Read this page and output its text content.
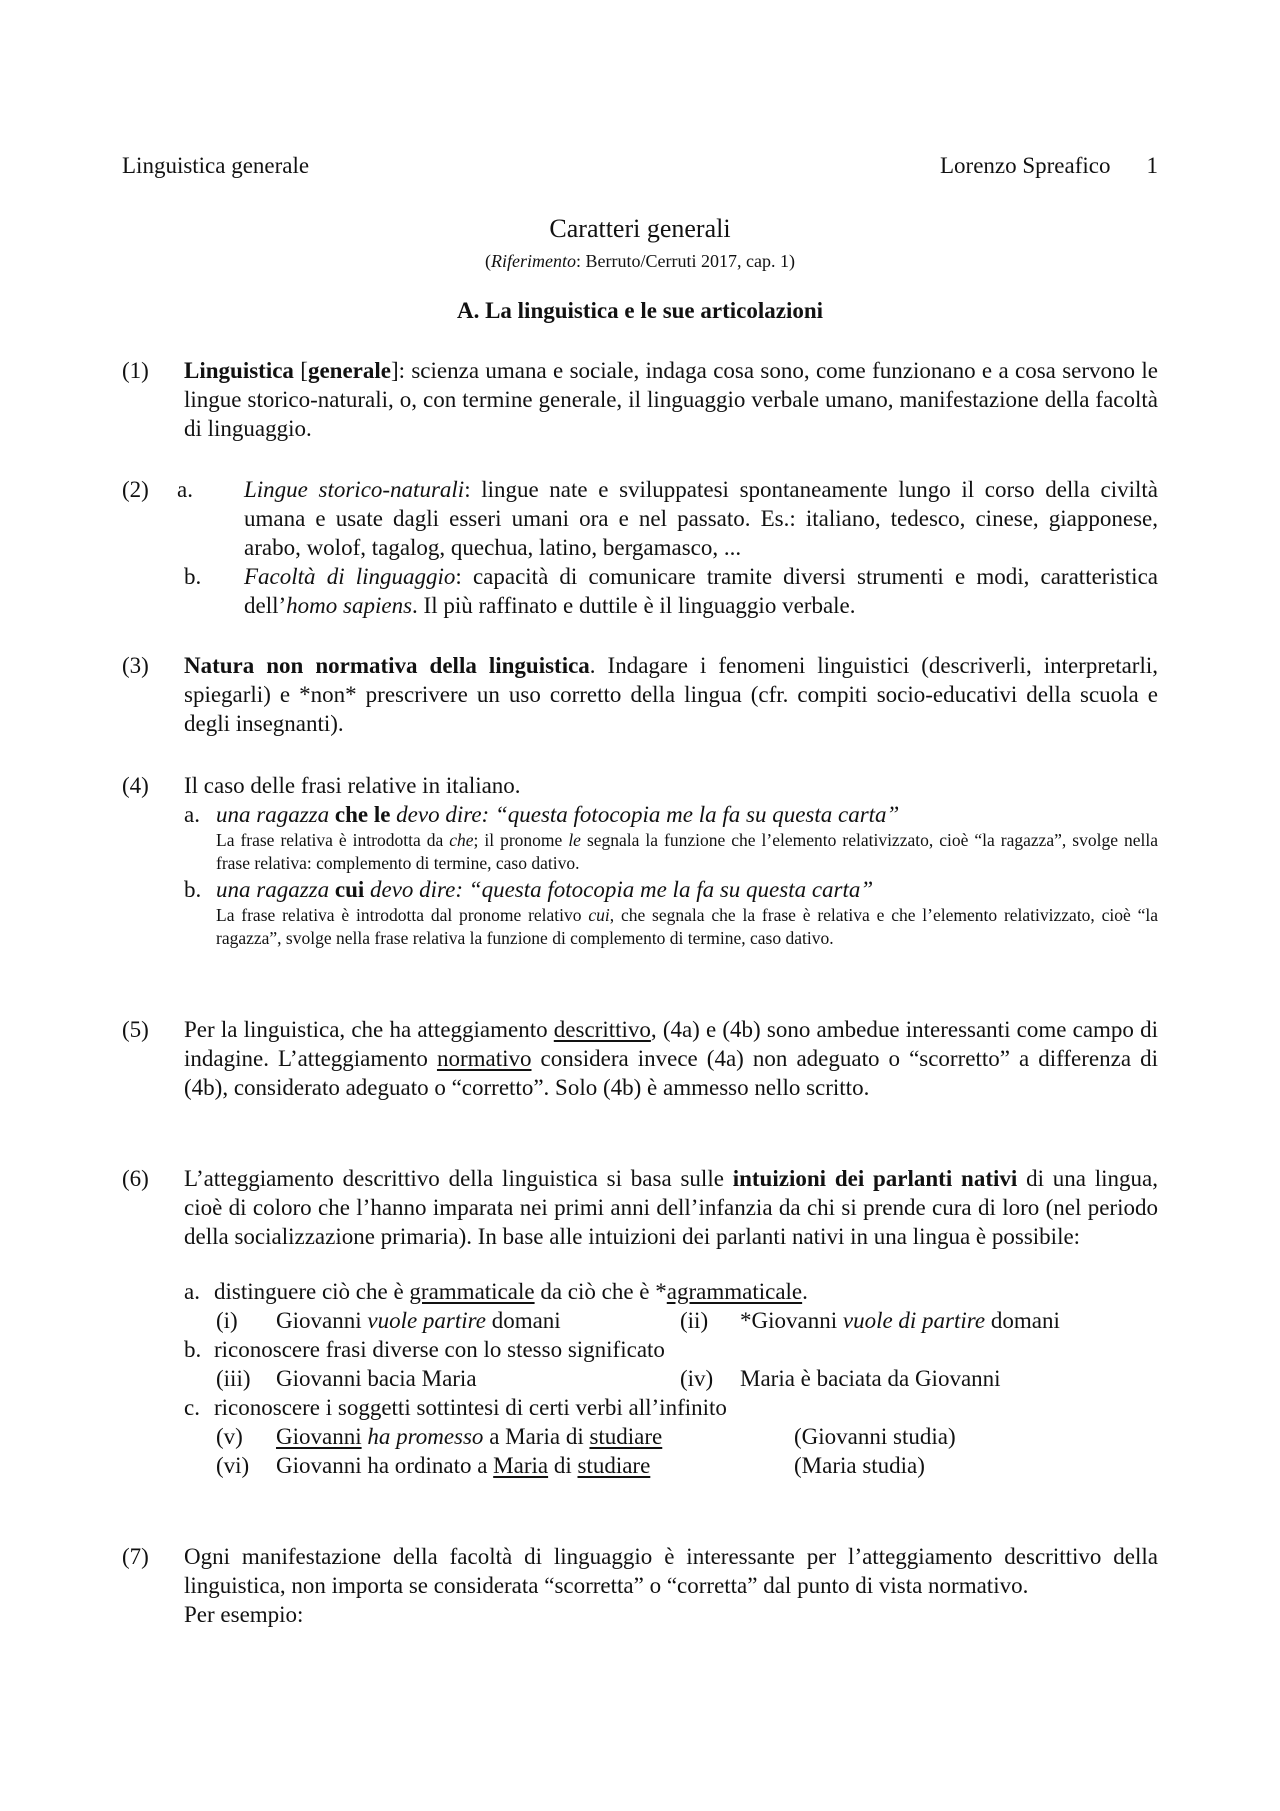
Linguistica generale	Lorenzo Spreafico 1
Caratteri generali
(Riferimento: Berruto/Cerruti 2017, cap. 1)
A. La linguistica e le sue articolazioni
(1) Linguistica [generale]: scienza umana e sociale, indaga cosa sono, come funzionano e a cosa servono le lingue storico-naturali, o, con termine generale, il linguaggio verbale umano, manifestazione della facoltà di linguaggio.
(2)	a.	Lingue storico-naturali: lingue nate e sviluppatesi spontaneamente lungo il corso della civiltà umana e usate dagli esseri umani ora e nel passato. Es.: italiano, tedesco, cinese, giapponese, arabo, wolof, tagalog, quechua, latino, bergamasco, ...
b.	Facoltà di linguaggio: capacità di comunicare tramite diversi strumenti e modi, caratteristica dell’homo sapiens. Il più raffinato e duttile è il linguaggio verbale.
(3) Natura non normativa della linguistica. Indagare i fenomeni linguistici (descriverli, interpretarli, spiegarli) e *non* prescrivere un uso corretto della lingua (cfr. compiti socio-educativi della scuola e degli insegnanti).
(4) Il caso delle frasi relative in italiano.
a. una ragazza che le devo dire: “questa fotocopia me la fa su questa carta”
La frase relativa è introdotta da che; il pronome le segnala la funzione che l’elemento relativizzato, cioè “la ragazza”, svolge nella frase relativa: complemento di termine, caso dativo.
b. una ragazza cui devo dire: “questa fotocopia me la fa su questa carta”
La frase relativa è introdotta dal pronome relativo cui, che segnala che la frase è relativa e che l’elemento relativizzato, cioè “la ragazza”, svolge nella frase relativa la funzione di complemento di termine, caso dativo.
(5) Per la linguistica, che ha atteggiamento descrittivo, (4a) e (4b) sono ambedue interessanti come campo di indagine. L’atteggiamento normativo considera invece (4a) non adeguato o “scorretto” a differenza di (4b), considerato adeguato o “corretto”. Solo (4b) è ammesso nello scritto.
(6) L’atteggiamento descrittivo della linguistica si basa sulle intuizioni dei parlanti nativi di una lingua, cioè di coloro che l’hanno imparata nei primi anni dell’infanzia da chi si prende cura di loro (nel periodo della socializzazione primaria). In base alle intuizioni dei parlanti nativi in una lingua è possibile:
a. distinguere ciò che è grammaticale da ciò che è *agrammaticale.
(i) Giovanni vuole partire domani	(ii) *Giovanni vuole di partire domani
b. riconoscere frasi diverse con lo stesso significato
(iii) Giovanni bacia Maria	(iv) Maria è baciata da Giovanni
c. riconoscere i soggetti sottintesi di certi verbi all’infinito
(v) Giovanni ha promesso a Maria di studiare	(Giovanni studia)
(vi) Giovanni ha ordinato a Maria di studiare	(Maria studia)
(7) Ogni manifestazione della facoltà di linguaggio è interessante per l’atteggiamento descrittivo della linguistica, non importa se considerata “scorretta” o “corretta” dal punto di vista normativo.
Per esempio:
